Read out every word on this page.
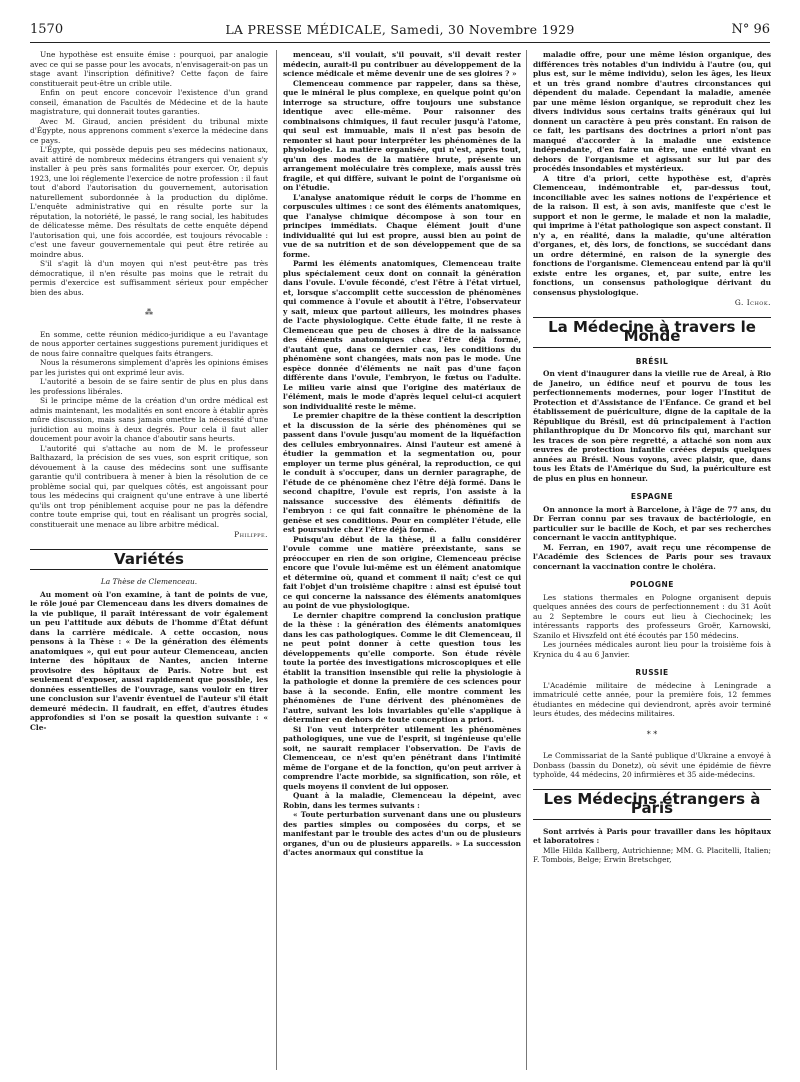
1570	LA PRESSE MÉDICALE, Samedi, 30 Novembre 1929	N° 96

Une hypothèse est ensuite émise : pourquoi, par analogie avec ce qui se passe pour les avocats, n'envisagerait-on pas un stage avant l'inscription définitive? Cette façon de faire constituerait peut-être un crible utile.

Enfin on peut encore concevoir l'existence d'un grand conseil, émanation de Facultés de Médecine et de la haute magistrature, qui donnerait toutes garanties.

Avec M. Giraud, ancien président du tribunal mixte d'Égypte, nous apprenons comment s'exerce la médecine dans ce pays.

L'Égypte, qui possède depuis peu ses médecins nationaux, avait attiré de nombreux médecins étrangers qui venaient s'y installer à peu près sans formalités pour exercer. Or, depuis 1923, une loi réglemente l'exercice de notre profession : il faut tout d'abord l'autorisation du gouvernement, autorisation naturellement subordonnée à la production du diplôme. L'enquête administrative qui en résulte porte sur la réputation, la notoriété, le passé, le rang social, les habitudes de délicatesse même. Des résultats de cette enquête dépend l'autorisation qui, une fois accordée, est toujours révocable : c'est une faveur gouvernementale qui peut être retirée au moindre abus.

S'il s'agit là d'un moyen qui n'est peut-être pas très démocratique, il n'en résulte pas moins que le retrait du permis d'exercice est suffisamment sérieux pour empêcher bien des abus.

⁂

En somme, cette réunion médico-juridique a eu l'avantage de nous apporter certaines suggestions purement juridiques et de nous faire connaître quelques faits étrangers.

Nous la résumerons simplement d'après les opinions émises par les juristes qui ont exprimé leur avis.

L'autorité a besoin de se faire sentir de plus en plus dans les professions libérales.

Si le principe même de la création d'un ordre médical est admis maintenant, les modalités en sont encore à établir après mûre discussion, mais sans jamais omettre la nécessité d'une juridiction au moins à deux degrés. Pour cela il faut aller doucement pour avoir la chance d'aboutir sans heurts.

L'autorité qui s'attache au nom de M. le professeur Balthazard, la précision de ses vues, son esprit critique, son dévouement à la cause des médecins sont une suffisante garantie qu'il contribuera à mener à bien la résolution de ce problème social qui, par quelques côtés, est angoissant pour tous les médecins qui craignent qu'une entrave à une liberté qu'ils ont trop péniblement acquise pour ne pas la défendre contre toute emprise qui, tout en réalisant un progrès social, constituerait une menace au libre arbitre médical.

Philippe.
Variétés
La Thèse de Clemenceau.

Au moment où l'on examine, à tant de points de vue, le rôle joué par Clemenceau dans les divers domaines de la vie publique, il paraît intéressant de voir également un peu l'attitude aux débuts de l'homme d'État défunt dans la carrière médicale. A cette occasion, nous pensons à la Thèse : « De la génération des éléments anatomiques », qui eut pour auteur Clemenceau, ancien interne des hôpitaux de Nantes, ancien interne provisoire des hôpitaux de Paris. Notre but est seulement d'exposer, aussi rapidement que possible, les données essentielles de l'ouvrage, sans vouloir en tirer une conclusion sur l'avenir éventuel de l'auteur s'il était demeuré médecin. Il faudrait, en effet, d'autres études approfondies si l'on se posait la question suivante : « Cle-

menceau, s'il voulait, s'il pouvait, s'il devait rester médecin, aurait-il pu contribuer au développement de la science médicale et même devenir une de ses gloires ? »

Clemenceau commence par rappeler, dans sa thèse, que le minéral le plus complexe, en quelque point qu'on interroge sa structure, offre toujours une substance identique avec elle-même. Pour raisonner des combinaisons chimiques, il faut reculer jusqu'à l'atome, qui seul est immuable, mais il n'est pas besoin de remonter si haut pour interpréter les phénomènes de la physiologie. La matière organisée, qui n'est, après tout, qu'un des modes de la matière brute, présente un arrangement moléculaire très complexe, mais aussi très fragile, et qui diffère, suivant le point de l'organisme où on l'étudie.

L'analyse anatomique réduit le corps de l'homme en corpuscules ultimes : ce sont des éléments anatomiques, que l'analyse chimique décompose à son tour en principes immédiats. Chaque élément jouit d'une individualité qui lui est propre, aussi bien au point de vue de sa nutrition et de son développement que de sa forme.

Parmi les éléments anatomiques, Clemenceau traite plus spécialement ceux dont on connaît la génération dans l'ovule. L'ovule fécondé, c'est l'être à l'état virtuel, et, lorsque s'accomplit cette succession de phénomènes qui commence à l'ovule et aboutit à l'être, l'observateur y sait, mieux que partout ailleurs, les moindres phases de l'acte physiologique. Cette étude faite, il ne reste à Clemenceau que peu de choses à dire de la naissance des éléments anatomiques chez l'être déjà formé, d'autant que, dans ce dernier cas, les conditions du phénomène sont changées, mais non pas le mode. Une espèce donnée d'éléments ne naît pas d'une façon différente dans l'ovule, l'embryon, le fœtus ou l'adulte. Le milieu varie ainsi que l'origine des matériaux de l'élément, mais le mode d'après lequel celui-ci acquiert son individualité reste le même.

Le premier chapitre de la thèse contient la description et la discussion de la série des phénomènes qui se passent dans l'ovule jusqu'au moment de la liquéfaction des cellules embryonnaires. Ainsi l'auteur est amené à étudier la gemmation et la segmentation ou, pour employer un terme plus général, la reproduction, ce qui le conduit à s'occuper, dans un dernier paragraphe, de l'étude de ce phénomène chez l'être déjà formé. Dans le second chapitre, l'ovule est repris, l'on assiste à la naissance successive des éléments définitifs de l'embryon : ce qui fait connaître le phénomène de la genèse et ses conditions. Pour en compléter l'étude, elle est poursuivie chez l'être déjà formé.

Puisqu'au début de la thèse, il a fallu considérer l'ovule comme une matière préexistante, sans se préoccuper en rien de son origine, Clemenceau précise encore que l'ovule lui-même est un élément anatomique et détermine où, quand et comment il naît; c'est ce qui fait l'objet d'un troisième chapitre : ainsi est épuisé tout ce qui concerne la naissance des éléments anatomiques au point de vue physiologique.

Le dernier chapitre comprend la conclusion pratique de la thèse : la génération des éléments anatomiques dans les cas pathologiques. Comme le dit Clemenceau, il ne peut point donner à cette question tous les développements qu'elle comporte. Son étude révèle toute la portée des investigations microscopiques et elle établit la transition insensible qui relie la physiologie à la pathologie et donne la première de ces sciences pour base à la seconde. Enfin, elle montre comment les phénomènes de l'une dérivent des phénomènes de l'autre, suivant les lois invariables qu'elle s'applique à déterminer en dehors de toute conception a priori.

Si l'on veut interpréter utilement les phénomènes pathologiques, une vue de l'esprit, si ingénieuse qu'elle soit, ne saurait remplacer l'observation. De l'avis de Clemenceau, ce n'est qu'en pénétrant dans l'intimité même de l'organe et de la fonction, qu'on peut arriver à comprendre l'acte morbide, sa signification, son rôle, et quels moyens il convient de lui opposer.

Quant à la maladie, Clemenceau la dépeint, avec Robin, dans les termes suivants :

« Toute perturbation survenant dans une ou plusieurs des parties simples ou composées du corps, et se manifestant par le trouble des actes d'un ou de plusieurs organes, d'un ou de plusieurs appareils. » La succession d'actes anormaux qui constitue la

maladie offre, pour une même lésion organique, des différences très notables d'un individu à l'autre (ou, qui plus est, sur le même individu), selon les âges, les lieux et un très grand nombre d'autres circonstances qui dépendent du malade. Cependant la maladie, amenée par une même lésion organique, se reproduit chez les divers individus sous certains traits généraux qui lui donnent un caractère à peu près constant. En raison de ce fait, les partisans des doctrines a priori n'ont pas manqué d'accorder à la maladie une existence indépendante, d'en faire un être, une entité vivant en dehors de l'organisme et agissant sur lui par des procédés insondables et mystérieux.

A titre d'a priori, cette hypothèse est, d'après Clemenceau, indémontrable et, par-dessus tout, inconciliable avec les saines notions de l'expérience et de la raison. Il est, à son avis, manifeste que c'est le support et non le germe, le malade et non la maladie, qui imprime à l'état pathologique son aspect constant. Il n'y a, en réalité, dans la maladie, qu'une altération d'organes, et, dès lors, de fonctions, se succédant dans un ordre déterminé, en raison de la synergie des fonctions de l'organisme. Clemenceau entend par là qu'il existe entre les organes, et, par suite, entre les fonctions, un consensus pathologique dérivant du consensus physiologique.

G. Ichok.
La Médecine à travers le Monde
BRÉSIL

On vient d'inaugurer dans la vieille rue de Areal, à Rio de Janeiro, un édifice neuf et pourvu de tous les perfectionnements modernes, pour loger l'Institut de Protection et d'Assistance de l'Enfance. Ce grand et bel établissement de puériculture, digne de la capitale de la République du Brésil, est dû principalement à l'action philanthropique du Dr Moncorvo fils qui, marchant sur les traces de son père regretté, a attaché son nom aux œuvres de protection infantile créées depuis quelques années au Brésil. Nous voyons, avec plaisir, que, dans tous les États de l'Amérique du Sud, la puériculture est de plus en plus en honneur.

ESPAGNE

On annonce la mort à Barcelone, à l'âge de 77 ans, du Dr Ferran connu par ses travaux de bactériologie, en particulier sur le bacille de Koch, et par ses recherches concernant le vaccin antityphique.

M. Ferran, en 1907, avait reçu une récompense de l'Académie des Sciences de Paris pour ses travaux concernant la vaccination contre le choléra.

POLOGNE

Les stations thermales en Pologne organisent depuis quelques années des cours de perfectionnement : du 31 Août au 2 Septembre le cours eut lieu à Ciechocinek; les intéressants rapports des professeurs Groër, Karnowski, Szanilo et Hivszfeld ont été écoutés par 150 médecins.

Les journées médicales auront lieu pour la troisième fois à Krynica du 4 au 6 Janvier.

RUSSIE

L'Académie militaire de médecine à Leningrade a immatriculé cette année, pour la première fois, 12 femmes étudiantes en médecine qui deviendront, après avoir terminé leurs études, des médecins militaires.

* *

Le Commissariat de la Santé publique d'Ukraine a envoyé à Donbass (bassin du Donetz), où sévit une épidémie de fièvre typhoïde, 44 médecins, 20 infirmières et 35 aide-médecins.

Les Médecins étrangers à Paris

Sont arrivés à Paris pour travailler dans les hôpitaux et laboratoires :

Mlle Hilda Kallberg, Autrichienne; MM. G. Placitelli, Italien; F. Tombois, Belge; Erwin Bretschger,
